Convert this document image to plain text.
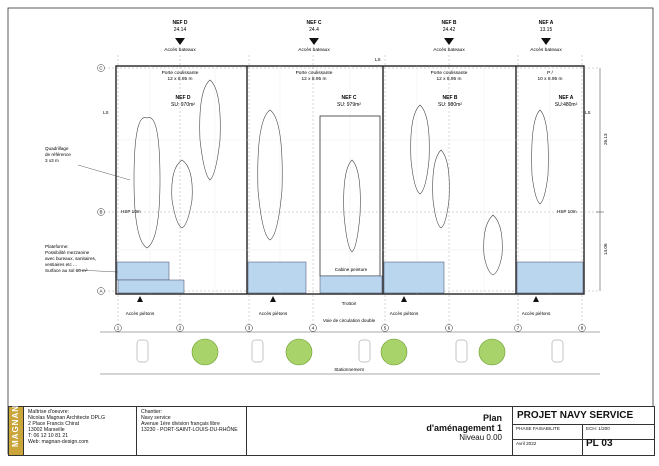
C
B
A
1	2	3	4	5	6	7	8
NEF D
24.14
NEF C
24.4
NEF B
24.42
NEF A
13.15
Accès bateaux	Accès bateaux	Accès bateaux	Accès bateaux
Porte coulissante
12 x 8.95 m
Porte coulissante
12 x 8.95 m
Porte coulissante
12 x 8.95 m
P /
10 x 8.95 m
NEF D
SU: 970m²
NEF C
SU: 979m²
NEF B
SU: 980m²
NEF A
SU:480m²
Quadrillage
de référence
3 x3 m
HSP 10m	HSP 10m
Plateforme:
Possibilité mezzanine
avec bureaux, sanitaires,
vestiaires etc ...
Surface au sol 60 m²	Cabine peinture
Trottoir
Accès piétons	Accès piétons	Accès piétons	Accès piétons
Voie de circulation double
Stationnement
LS
LS
LS
26.13
14.06
MAGNAN Maîtrise d'oeuvre:
Nicolas Magnan Architecte DPLG
2 Place Francis Chirat
13002 Marseille
T: 06 12 10 81 21
Web: magnan-design.com
Chantier:
Navy service
Avenue 1ère division français libre
13230 - PORT-SAINT-LOUIS-DU-RHÔNE
Plan
d'aménagement 1
Niveau 0.00
PROJET NAVY SERVICE
PHASE FAISABILITE	ECH: 1/200
Avril 2022	PL 03
